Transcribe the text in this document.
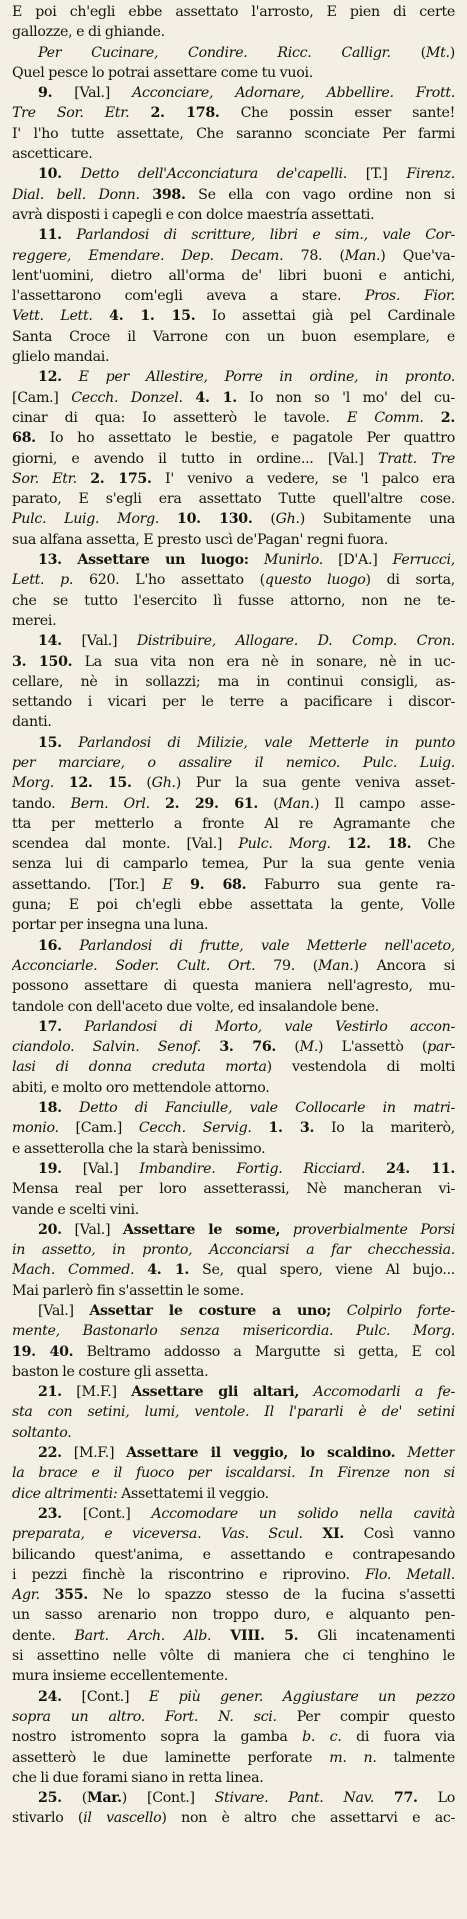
E poi ch'egli ebbe assettato l'arrosto, E pien di certe
gallozze, e di ghiande.
Per Cucinare, Condire. Ricc. Calligr. (Mt.)
Quel pesce lo potrai assettare come tu vuoi.
9. [Val.] Acconciare, Adornare, Abbellire. Frott.
Tre Sor. Etr. 2. 178. Che possin esser sante!
I' l'ho tutte assettate, Che saranno sconciate Per farmi
ascetticare.
10. Detto dell'Acconciatura de'capelli. [T.] Firenz.
Dial. bell. Donn. 398. Se ella con vago ordine non si
avrà disposti i capegli e con dolce maestría assettati.
11. Parlandosi di scritture, libri e sim., vale Cor-
reggere, Emendare. Dep. Decam. 78. (Man.) Que'va-
lent'uomini, dietro all'orma de' libri buoni e antichi,
l'assettarono com'egli aveva a stare. Pros. Fior.
Vett. Lett. 4. 1. 15. Io assettai già pel Cardinale
Santa Croce il Varrone con un buon esemplare, e
glielo mandai.
12. E per Allestire, Porre in ordine, in pronto.
[Cam.] Cecch. Donzel. 4. 1. Io non so 'l mo' del cu-
cinar di qua: Io assetterò le tavole. E Comm. 2.
68. Io ho assettato le bestie, e pagatole Per quattro
giorni, e avendo il tutto in ordine... [Val.] Tratt. Tre
Sor. Etr. 2. 175. I' venivo a vedere, se 'l palco era
parato, E s'egli era assettato Tutte quell'altre cose.
Pulc. Luig. Morg. 10. 130. (Gh.) Subitamente una
sua alfana assetta, E presto uscì de'Pagan' regni fuora.
13. Assettare un luogo: Munirlo. [D'A.] Ferrucci,
Lett. p. 620. L'ho assettato (questo luogo) di sorta,
che se tutto l'esercito lì fusse attorno, non ne te-
merei.
14. [Val.] Distribuire, Allogare. D. Comp. Cron.
3. 150. La sua vita non era nè in sonare, nè in uc-
cellare, nè in sollazzi; ma in continui consigli, as-
settando i vicari per le terre a pacificare i discor-
danti.
15. Parlandosi di Milizie, vale Metterle in punto
per marciare, o assalire il nemico. Pulc. Luig.
Morg. 12. 15. (Gh.) Pur la sua gente veniva asset-
tando. Bern. Orl. 2. 29. 61. (Man.) Il campo asse-
tta per metterlo a fronte Al re Agramante che
scendea dal monte. [Val.] Pulc. Morg. 12. 18. Che
senza lui di camparlo temea, Pur la sua gente venia
assettando. [Tor.] E 9. 68. Faburro sua gente ra-
guna; E poi ch'egli ebbe assettata la gente, Volle
portar per insegna una luna.
16. Parlandosi di frutte, vale Metterle nell'aceto,
Acconciarle. Soder. Cult. Ort. 79. (Man.) Ancora si
possono assettare di questa maniera nell'agresto, mu-
tandole con dell'aceto due volte, ed insalandole bene.
17. Parlandosi di Morto, vale Vestirlo accon-
ciandolo. Salvin. Senof. 3. 76. (M.) L'assettò (par-
lasi di donna creduta morta) vestendola di molti
abiti, e molto oro mettendole attorno.
18. Detto di Fanciulle, vale Collocarle in matri-
monio. [Cam.] Cecch. Servig. 1. 3. Io la mariterò,
e assetterolla che la starà benissimo.
19. [Val.] Imbandire. Fortig. Ricciard. 24. 11.
Mensa real per loro assetterassi, Nè mancheran vi-
vande e scelti vini.
20. [Val.] Assettare le some, proverbialmente Porsi
in assetto, in pronto, Acconciarsi a far checchessia.
Mach. Commed. 4. 1. Se, qual spero, viene Al bujo...
Mai parlerò fin s'assettin le some.
[Val.] Assettar le costure a uno; Colpirlo forte-
mente, Bastonarlo senza misericordia. Pulc. Morg.
19. 40. Beltramo addosso a Margutte si getta, E col
baston le costure gli assetta.
21. [M.F.] Assettare gli altari, Accomodarli a fe-
sta con setini, lumi, ventole. Il l'pararli è de' setini
soltanto.
22. [M.F.] Assettare il veggio, lo scaldino. Metter
la brace e il fuoco per iscaldarsi. In Firenze non si
dice altrimenti: Assettatemi il veggio.
23. [Cont.] Accomodare un solido nella cavità
preparata, e viceversa. Vas. Scul. XI. Così vanno
bilicando quest'anima, e assettando e contrapesando
i pezzi finchè la riscontrino e riprovino. Flo. Metall.
Agr. 355. Ne lo spazzo stesso de la fucina s'assetti
un sasso arenario non troppo duro, e alquanto pen-
dente. Bart. Arch. Alb. VIII. 5. Gli incatenamenti
si assettino nelle vôlte di maniera che ci tenghino le
mura insieme eccellentemente.
24. [Cont.] E più gener. Aggiustare un pezzo
sopra un altro. Fort. N. sci. Per compir questo
nostro istromento sopra la gamba b. c. di fuora via
assetterò le due laminette perforate m. n. talmente
che li due forami siano in retta linea.
25. (Mar.) [Cont.] Stivare. Pant. Nav. 77. Lo
stivarlo (il vascello) non è altro che assettarvi e ac-
